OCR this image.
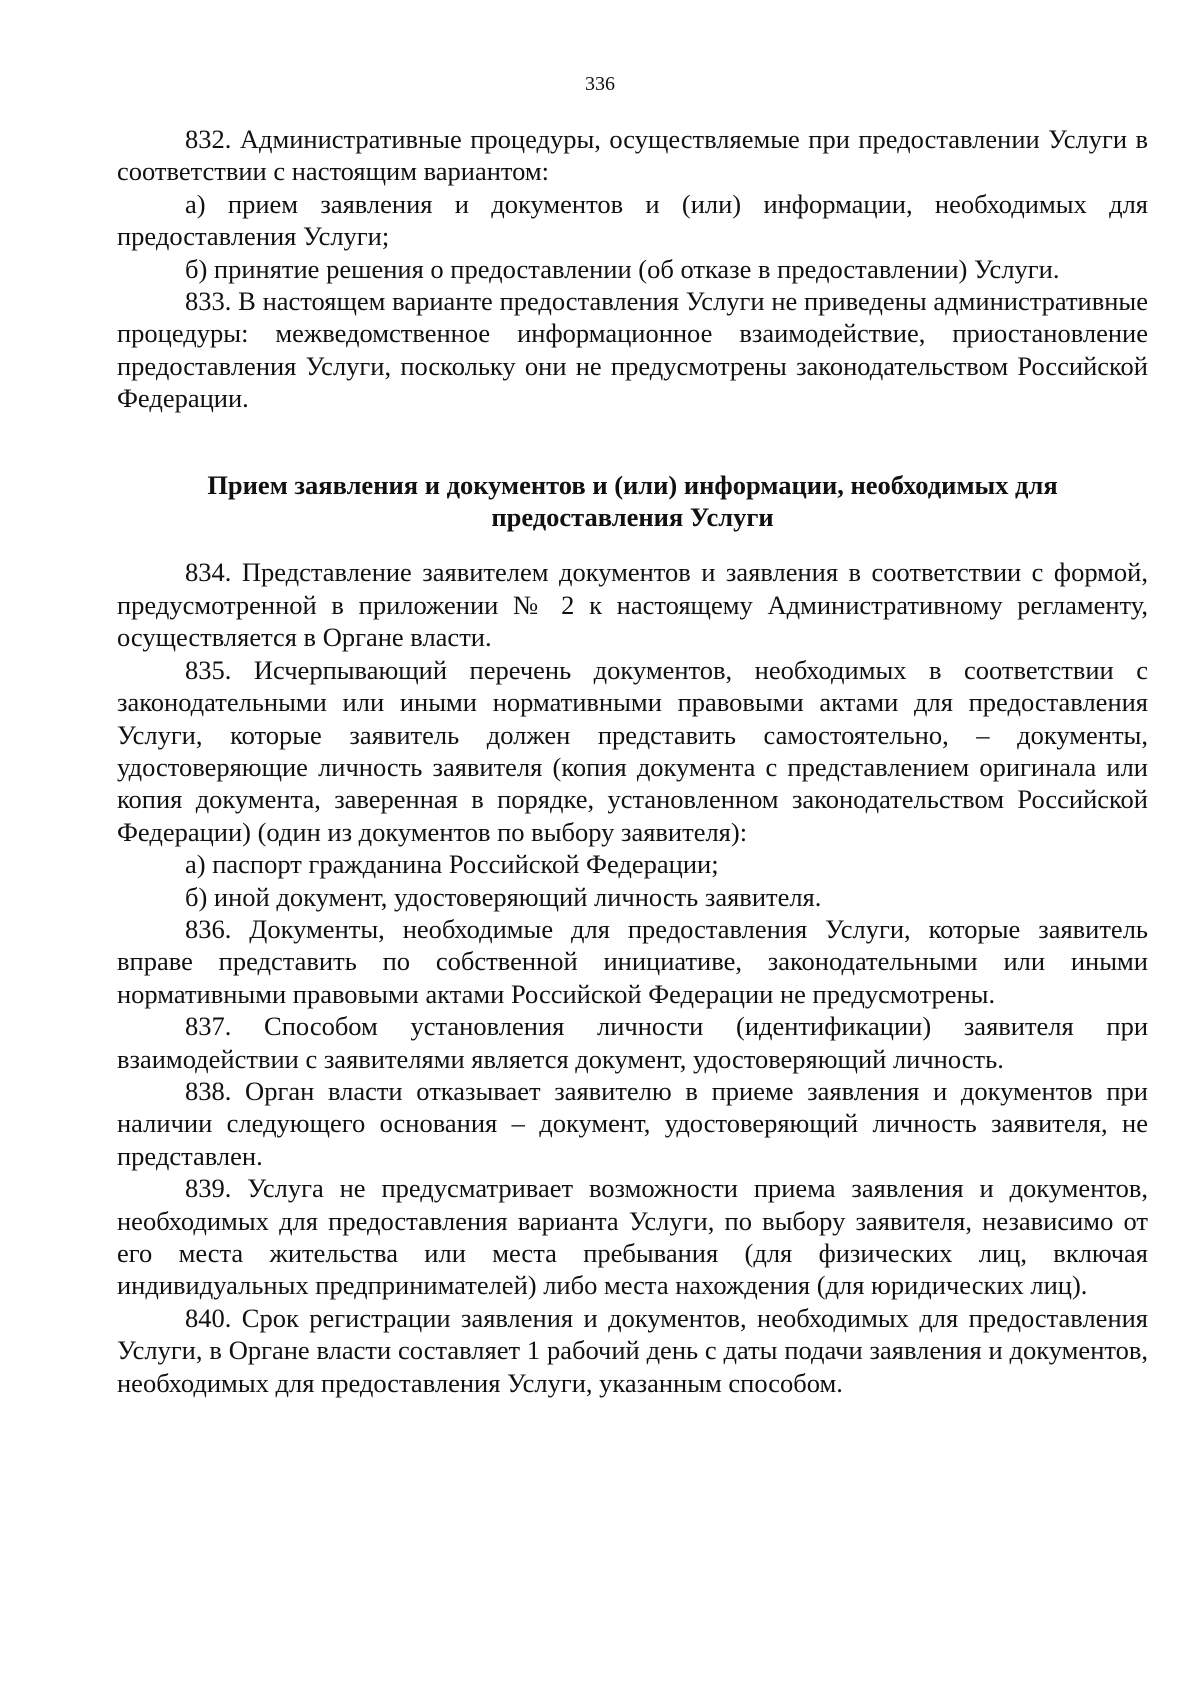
336

832. Административные процедуры, осуществляемые при предоставлении Услуги в соответствии с настоящим вариантом:

а) прием заявления и документов и (или) информации, необходимых для предоставления Услуги;

б) принятие решения о предоставлении (об отказе в предоставлении) Услуги.

833. В настоящем варианте предоставления Услуги не приведены административные процедуры: межведомственное информационное взаимодействие, приостановление предоставления Услуги, поскольку они не предусмотрены законодательством Российской Федерации.

Прием заявления и документов и (или) информации, необходимых для предоставления Услуги

834. Представление заявителем документов и заявления в соответствии с формой, предусмотренной в приложении № 2 к настоящему Административному регламенту, осуществляется в Органе власти.

835. Исчерпывающий перечень документов, необходимых в соответствии с законодательными или иными нормативными правовыми актами для предоставления Услуги, которые заявитель должен представить самостоятельно, – документы, удостоверяющие личность заявителя (копия документа с представлением оригинала или копия документа, заверенная в порядке, установленном законодательством Российской Федерации) (один из документов по выбору заявителя):

а) паспорт гражданина Российской Федерации;

б) иной документ, удостоверяющий личность заявителя.

836. Документы, необходимые для предоставления Услуги, которые заявитель вправе представить по собственной инициативе, законодательными или иными нормативными правовыми актами Российской Федерации не предусмотрены.

837. Способом установления личности (идентификации) заявителя при взаимодействии с заявителями является документ, удостоверяющий личность.

838. Орган власти отказывает заявителю в приеме заявления и документов при наличии следующего основания – документ, удостоверяющий личность заявителя, не представлен.

839. Услуга не предусматривает возможности приема заявления и документов, необходимых для предоставления варианта Услуги, по выбору заявителя, независимо от его места жительства или места пребывания (для физических лиц, включая индивидуальных предпринимателей) либо места нахождения (для юридических лиц).

840. Срок регистрации заявления и документов, необходимых для предоставления Услуги, в Органе власти составляет 1 рабочий день с даты подачи заявления и документов, необходимых для предоставления Услуги, указанным способом.
